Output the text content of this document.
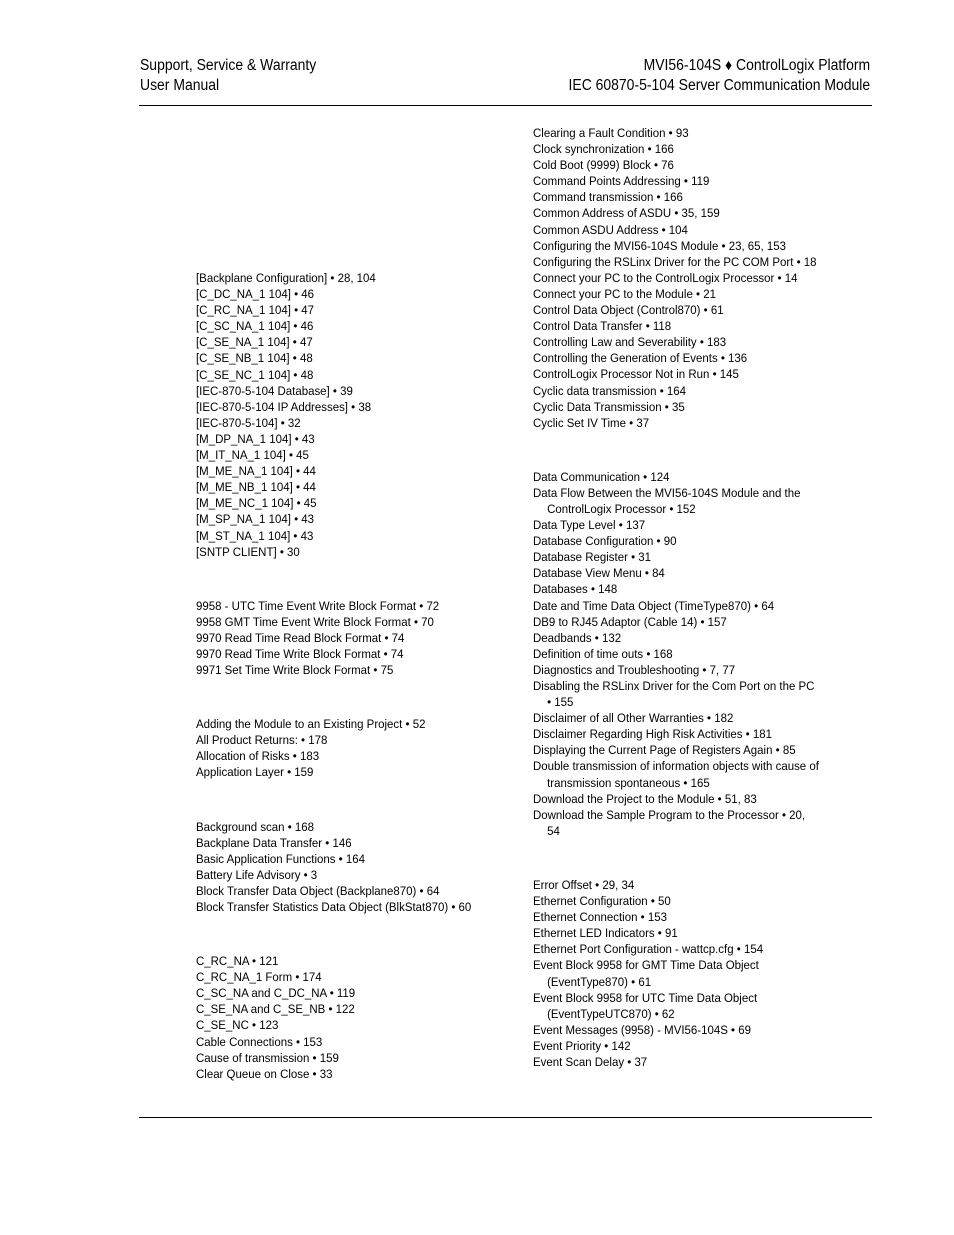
Support, Service & Warranty
User Manual
MVI56-104S ♦ ControlLogix Platform
IEC 60870-5-104 Server Communication Module
[Backplane Configuration] • 28, 104
[C_DC_NA_1 104] • 46
[C_RC_NA_1 104] • 47
[C_SC_NA_1 104] • 46
[C_SE_NA_1 104] • 47
[C_SE_NB_1 104] • 48
[C_SE_NC_1 104] • 48
[IEC-870-5-104 Database] • 39
[IEC-870-5-104 IP Addresses] • 38
[IEC-870-5-104] • 32
[M_DP_NA_1 104] • 43
[M_IT_NA_1 104] • 45
[M_ME_NA_1 104] • 44
[M_ME_NB_1 104] • 44
[M_ME_NC_1 104] • 45
[M_SP_NA_1 104] • 43
[M_ST_NA_1 104] • 43
[SNTP CLIENT] • 30
9958 - UTC Time Event Write Block Format • 72
9958 GMT Time Event Write Block Format • 70
9970 Read Time Read Block Format • 74
9970 Read Time Write Block Format • 74
9971 Set Time Write Block Format • 75
Adding the Module to an Existing Project • 52
All Product Returns: • 178
Allocation of Risks • 183
Application Layer • 159
Background scan • 168
Backplane Data Transfer • 146
Basic Application Functions • 164
Battery Life Advisory • 3
Block Transfer Data Object (Backplane870) • 64
Block Transfer Statistics Data Object (BlkStat870) • 60
C_RC_NA • 121
C_RC_NA_1 Form • 174
C_SC_NA and C_DC_NA • 119
C_SE_NA and C_SE_NB • 122
C_SE_NC • 123
Cable Connections • 153
Cause of transmission • 159
Clear Queue on Close • 33
Clearing a Fault Condition • 93
Clock synchronization • 166
Cold Boot (9999) Block • 76
Command Points Addressing • 119
Command transmission • 166
Common Address of ASDU • 35, 159
Common ASDU Address • 104
Configuring the MVI56-104S Module • 23, 65, 153
Configuring the RSLinx Driver for the PC COM Port • 18
Connect your PC to the ControlLogix Processor • 14
Connect your PC to the Module • 21
Control Data Object (Control870) • 61
Control Data Transfer • 118
Controlling Law and Severability • 183
Controlling the Generation of Events • 136
ControlLogix Processor Not in Run • 145
Cyclic data transmission • 164
Cyclic Data Transmission • 35
Cyclic Set IV Time • 37
Data Communication • 124
Data Flow Between the MVI56-104S Module and the ControlLogix Processor • 152
Data Type Level • 137
Database Configuration • 90
Database Register • 31
Database View Menu • 84
Databases • 148
Date and Time Data Object (TimeType870) • 64
DB9 to RJ45 Adaptor (Cable 14) • 157
Deadbands • 132
Definition of time outs • 168
Diagnostics and Troubleshooting • 7, 77
Disabling the RSLinx Driver for the Com Port on the PC • 155
Disclaimer of all Other Warranties • 182
Disclaimer Regarding High Risk Activities • 181
Displaying the Current Page of Registers Again • 85
Double transmission of information objects with cause of transmission spontaneous • 165
Download the Project to the Module • 51, 83
Download the Sample Program to the Processor • 20, 54
Error Offset • 29, 34
Ethernet Configuration • 50
Ethernet Connection • 153
Ethernet LED Indicators • 91
Ethernet Port Configuration - wattcp.cfg • 154
Event Block 9958 for GMT Time Data Object (EventType870) • 61
Event Block 9958 for UTC Time Data Object (EventTypeUTC870) • 62
Event Messages (9958) - MVI56-104S • 69
Event Priority • 142
Event Scan Delay • 37
